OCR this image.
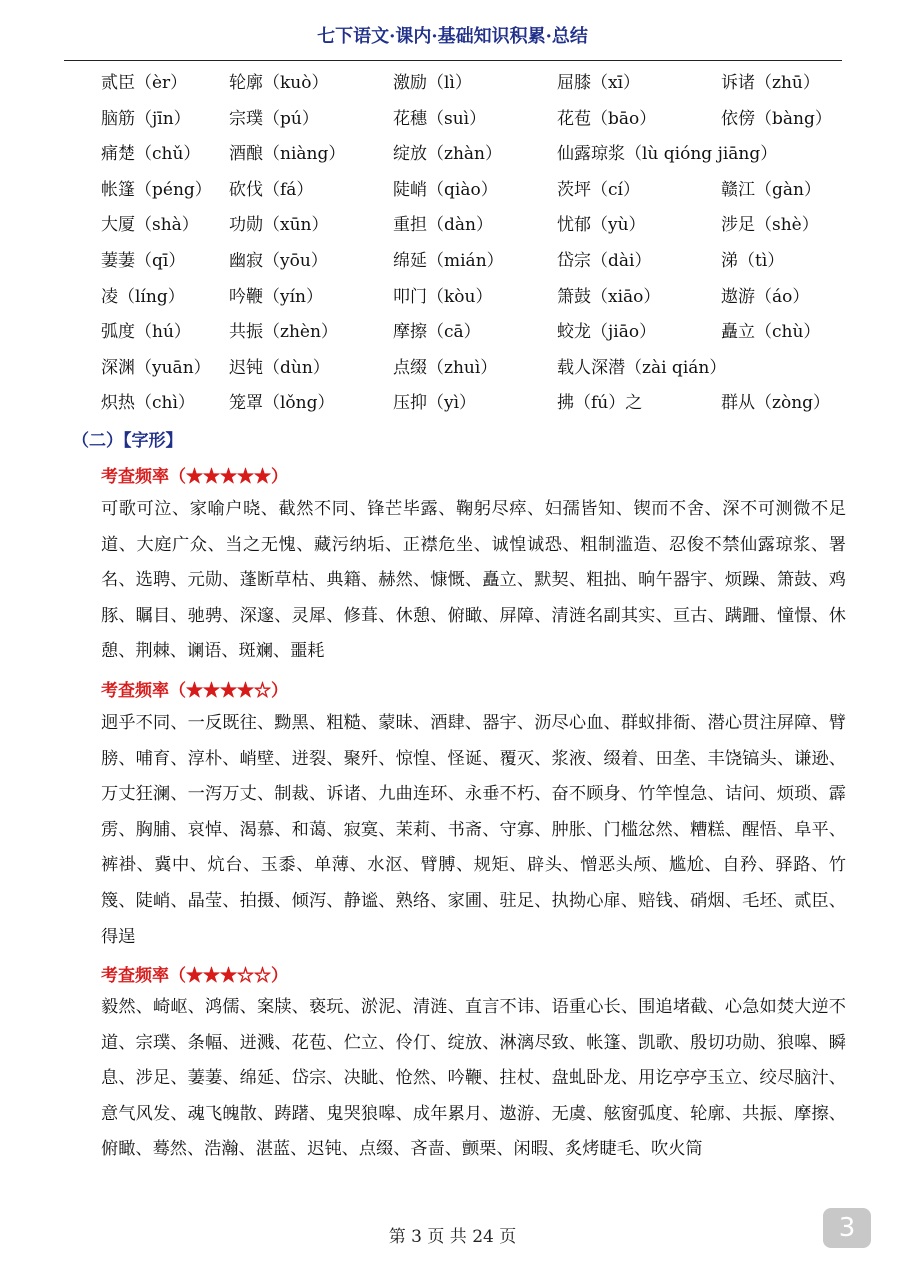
七下语文·课内·基础知识积累·总结
贰臣（èr） 轮廓（kuò）	激励（lì）	屈膝（xī）	诉诸（zhū）
脑筋（jīn） 宗璞（pú）	花穗（suì）	花苞（bāo）	依傍（bàng）
痛楚（chǔ） 酒酿（niàng）	绽放（zhàn）	仙露琼浆（lù qióng jiāng）
帐篷（péng） 砍伐（fá）	陡峭（qiào）	茨坪（cí）	赣江（gàn）
大厦（shà） 功勋（xūn）	重担（dàn）	忧郁（yù）	涉足（shè）
萋萋（qī）	幽寂（yōu）	绵延（mián）	岱宗（dài）	涕（tì）
凌（líng）	吟鞭（yín）	叩门（kòu）	箫鼓（xiāo）	遨游（áo）
弧度（hú） 共振（zhèn）	摩擦（cā）	蛟龙（jiāo）	矗立（chù）
深渊（yuān） 迟钝（dùn）	点缀（zhuì）	载人深潜（zài qián）
炽热（chì） 笼罩（lǒng）	压抑（yì）	拂（fú）之	群从（zòng）
（二）【字形】
考查频率（★★★★★）
可歌可泣、家喻户晓、截然不同、锋芒毕露、鞠躬尽瘁、妇孺皆知、锲而不舍、深不可测微不足道、大庭广众、当之无愧、藏污纳垢、正襟危坐、诚惶诚恐、粗制滥造、忍俊不禁仙露琼浆、署名、选聘、元勋、蓬断草枯、典籍、赫然、慷慨、矗立、默契、粗拙、晌午器宇、烦躁、箫鼓、鸡豚、瞩目、驰骋、深邃、灵犀、修葺、休憩、俯瞰、屏障、清涟名副其实、亘古、蹒跚、憧憬、休憩、荆棘、谰语、斑斓、噩耗
考查频率（★★★★☆）
迥乎不同、一反既往、黝黑、粗糙、蒙昧、酒肆、器宇、沥尽心血、群蚁排衙、潜心贯注屏障、臂膀、哺育、淳朴、峭壁、迸裂、聚歼、惊惶、怪诞、覆灭、浆液、缀着、田垄、丰饶镐头、谦逊、万丈狂澜、一泻万丈、制裁、诉诸、九曲连环、永垂不朽、奋不顾身、竹竿惶急、诘问、烦琐、霹雳、胸脯、哀悼、渴慕、和蔼、寂寞、茉莉、书斋、守寡、肿胀、门槛忿然、糟糕、醒悟、阜平、裤褂、冀中、炕台、玉黍、单薄、水沤、臂膊、规矩、辟头、憎恶头颅、尴尬、自矜、驿路、竹篾、陡峭、晶莹、拍摄、倾泻、静谧、熟络、家圃、驻足、执拗心扉、赔钱、硝烟、毛坯、贰臣、得逞
考查频率（★★★☆☆）
毅然、崎岖、鸿儒、案牍、亵玩、淤泥、清涟、直言不讳、语重心长、围追堵截、心急如焚大逆不道、宗璞、条幅、迸溅、花苞、伫立、伶仃、绽放、淋漓尽致、帐篷、凯歌、殷切功勋、狼嗥、瞬息、涉足、萋萋、绵延、岱宗、决眦、怆然、吟鞭、拄杖、盘虬卧龙、用讫亭亭玉立、绞尽脑汁、意气风发、魂飞魄散、踌躇、鬼哭狼嗥、成年累月、遨游、无虞、舷窗弧度、轮廓、共振、摩擦、俯瞰、蓦然、浩瀚、湛蓝、迟钝、点缀、吝啬、颤栗、闲暇、炙烤睫毛、吹火筒
第 3 页 共 24 页	3
